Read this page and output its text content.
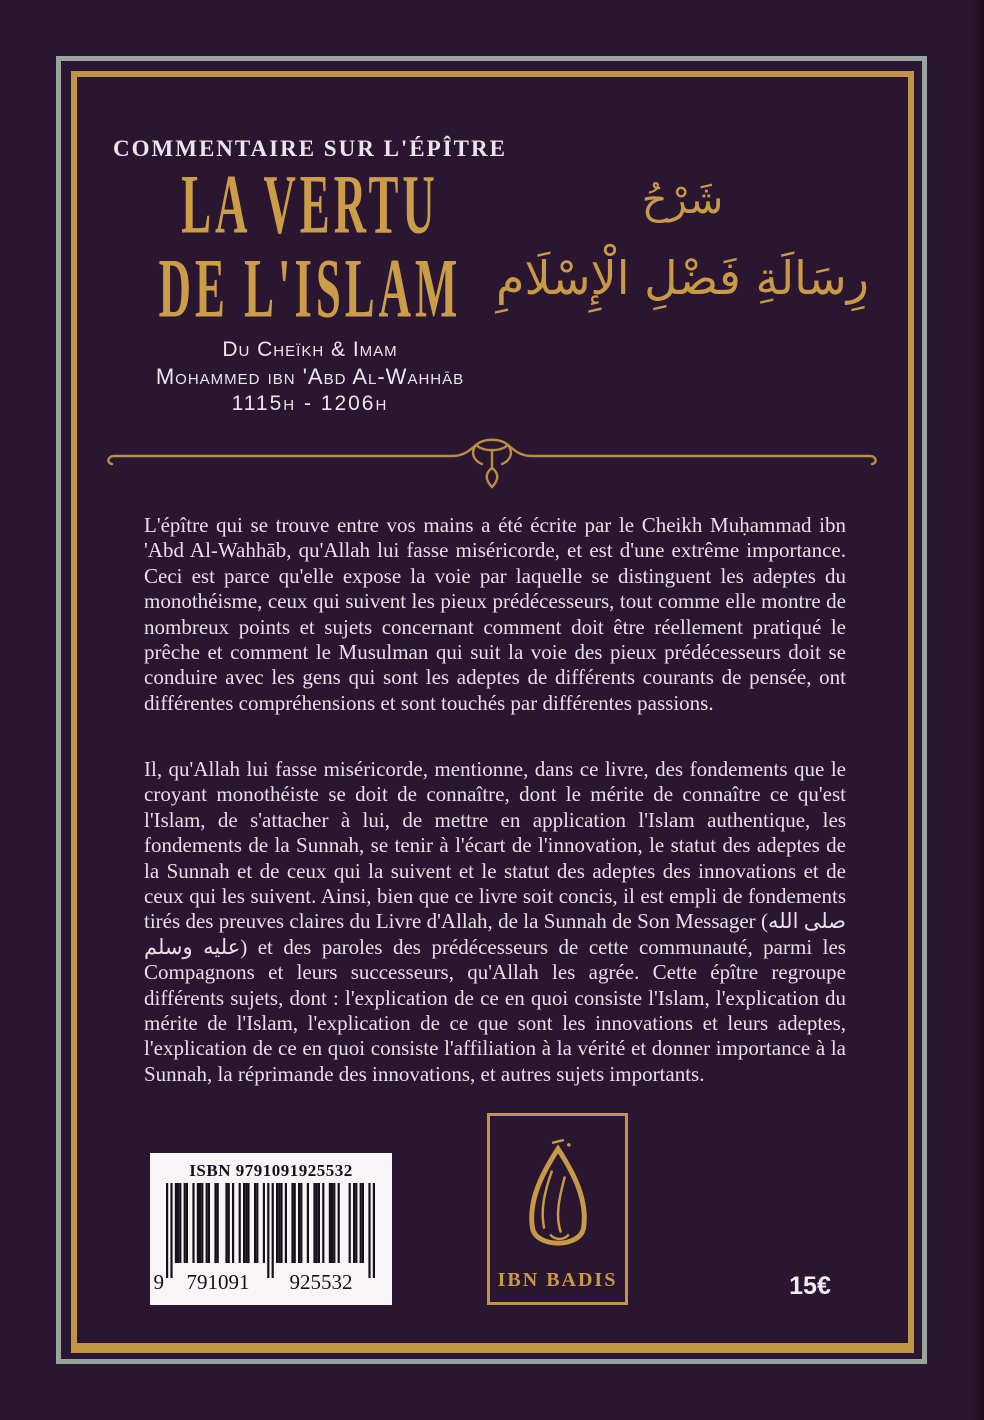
COMMENTAIRE SUR L'ÉPÎTRE
LA VERTU
DE L'ISLAM
Du Cheïkh & Imam
Mohammed ibn 'Abd Al-Wahhāb
1115h - 1206h
شَرْحُ
رِسَالَةِ فَضْلِ الْإِسْلَامِ

L'épître qui se trouve entre vos mains a été écrite par le Cheikh Muḥammad ibn 'Abd Al-Wahhāb, qu'Allah lui fasse miséricorde, et est d'une extrême importance. Ceci est parce qu'elle expose la voie par laquelle se distinguent les adeptes du monothéisme, ceux qui suivent les pieux prédécesseurs, tout comme elle montre de nombreux points et sujets concernant comment doit être réellement pratiqué le prêche et comment le Musulman qui suit la voie des pieux prédécesseurs doit se conduire avec les gens qui sont les adeptes de différents courants de pensée, ont différentes compréhensions et sont touchés par différentes passions.

Il, qu'Allah lui fasse miséricorde, mentionne, dans ce livre, des fondements que le croyant monothéiste se doit de connaître, dont le mérite de connaître ce qu'est l'Islam, de s'attacher à lui, de mettre en application l'Islam authentique, les fondements de la Sunnah, se tenir à l'écart de l'innovation, le statut des adeptes de la Sunnah et de ceux qui la suivent et le statut des adeptes des innovations et de ceux qui les suivent. Ainsi, bien que ce livre soit concis, il est empli de fondements tirés des preuves claires du Livre d'Allah, de la Sunnah de Son Messager (صلى الله عليه وسلم) et des paroles des prédécesseurs de cette communauté, parmi les Compagnons et leurs successeurs, qu'Allah les agrée. Cette épître regroupe différents sujets, dont : l'explication de ce en quoi consiste l'Islam, l'explication du mérite de l'Islam, l'explication de ce que sont les innovations et leurs adeptes, l'explication de ce en quoi consiste l'affiliation à la vérité et donner importance à la Sunnah, la réprimande des innovations, et autres sujets importants.

ISBN 9791091925532
9 791091 925532	IBN BADIS	15€
